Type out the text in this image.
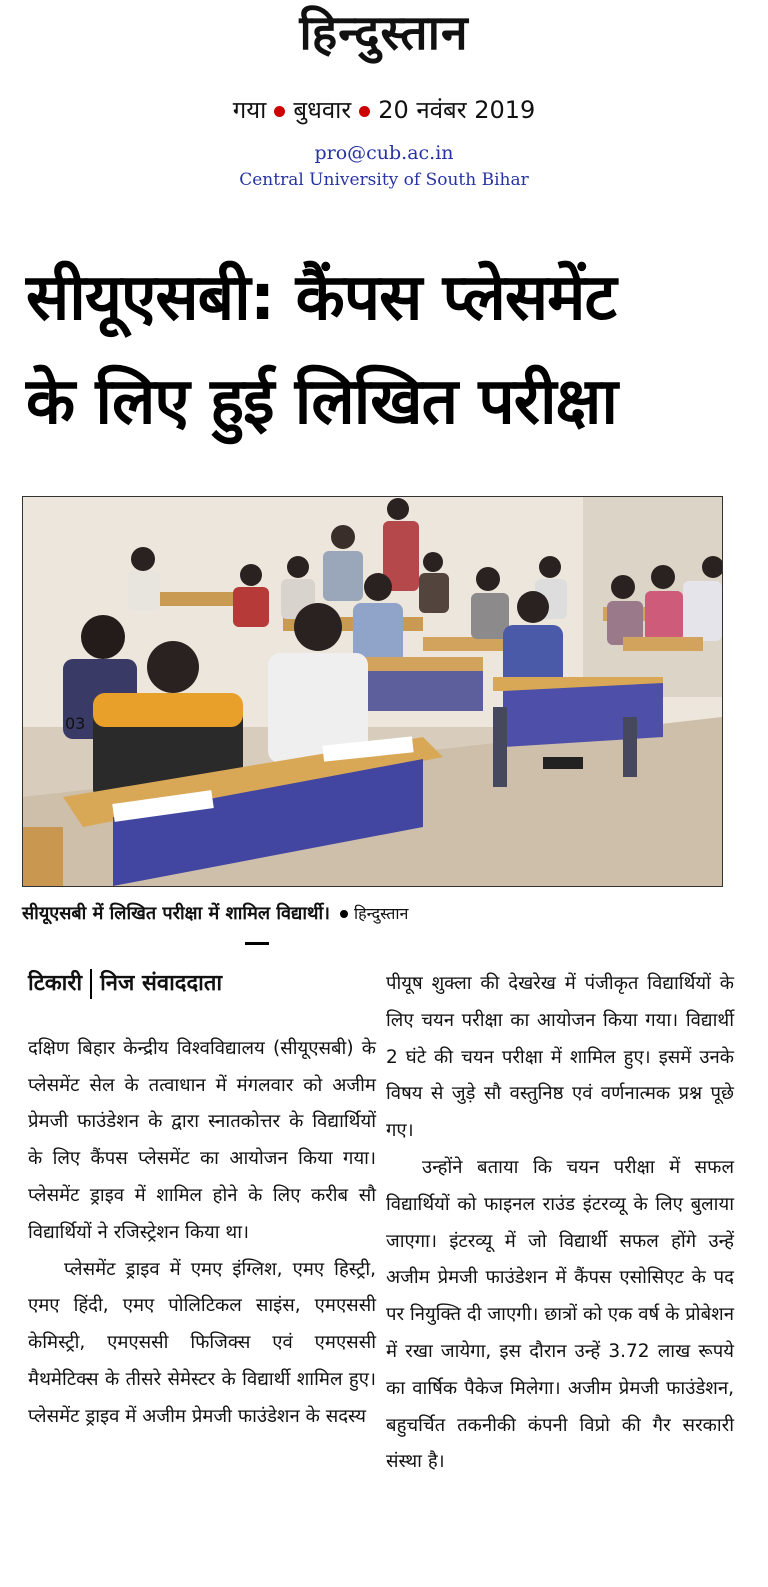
हिन्दुस्तान
गया बुधवार 20 नवंबर 2019
pro@cub.ac.in
Central University of South Bihar
सीयूएसबी: कैंपस प्लेसमेंट
के लिए हुई लिखित परीक्षा
03
सीयूएसबी में लिखित परीक्षा में शामिल विद्यार्थी। हिन्दुस्तान
टिकारी निज संवाददाता

दक्षिण बिहार केन्द्रीय विश्वविद्यालय (सीयूएसबी) के प्लेसमेंट सेल के तत्वाधान में मंगलवार को अजीम प्रेमजी फाउंडेशन के द्वारा स्नातकोत्तर के विद्यार्थियों के लिए कैंपस प्लेसमेंट का आयोजन किया गया। प्लेसमेंट ड्राइव में शामिल होने के लिए करीब सौ विद्यार्थियों ने रजिस्ट्रेशन किया था।

प्लेसमेंट ड्राइव में एमए इंग्लिश, एमए हिस्ट्री, एमए हिंदी, एमए पोलिटिकल साइंस, एमएससी केमिस्ट्री, एमएससी फिजिक्स एवं एमएससी मैथमेटिक्स के तीसरे सेमेस्टर के विद्यार्थी शामिल हुए। प्लेसमेंट ड्राइव में अजीम प्रेमजी फाउंडेशन के सदस्य

पीयूष शुक्ला की देखरेख में पंजीकृत विद्यार्थियों के लिए चयन परीक्षा का आयोजन किया गया। विद्यार्थी 2 घंटे की चयन परीक्षा में शामिल हुए। इसमें उनके विषय से जुड़े सौ वस्तुनिष्ठ एवं वर्णनात्मक प्रश्न पूछे गए।

उन्होंने बताया कि चयन परीक्षा में सफल विद्यार्थियों को फाइनल राउंड इंटरव्यू के लिए बुलाया जाएगा। इंटरव्यू में जो विद्यार्थी सफल होंगे उन्हें अजीम प्रेमजी फाउंडेशन में कैंपस एसोसिएट के पद पर नियुक्ति दी जाएगी। छात्रों को एक वर्ष के प्रोबेशन में रखा जायेगा, इस दौरान उन्हें 3.72 लाख रूपये का वार्षिक पैकेज मिलेगा। अजीम प्रेमजी फाउंडेशन, बहुचर्चित तकनीकी कंपनी विप्रो की गैर सरकारी संस्था है।
